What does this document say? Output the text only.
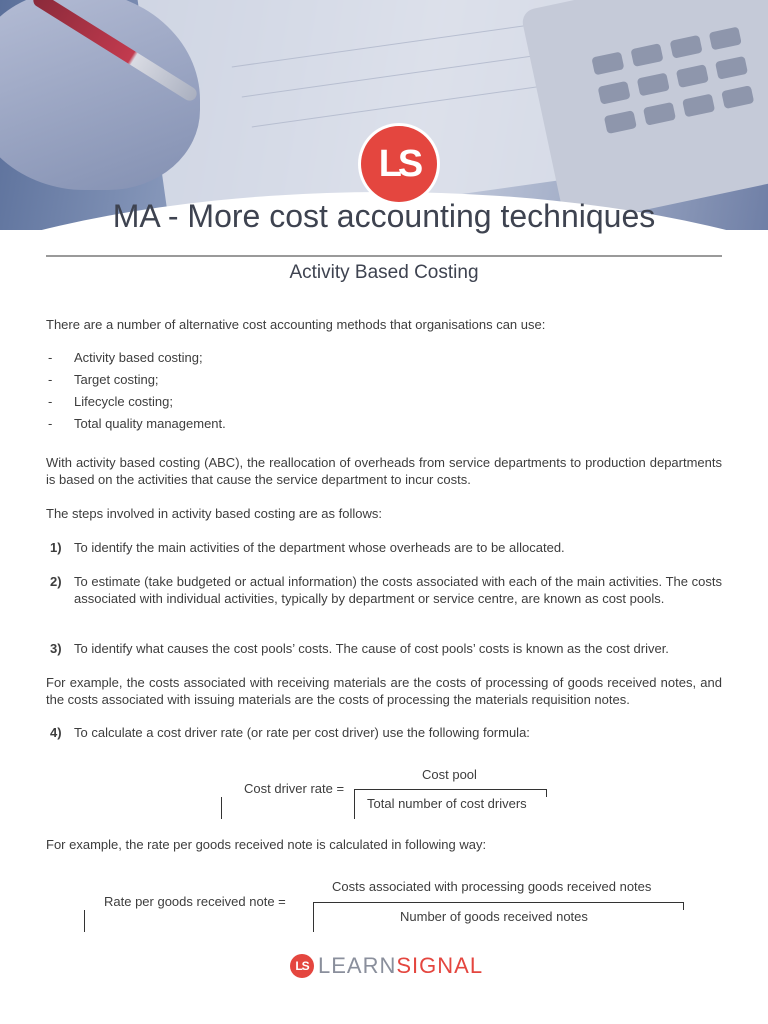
LS
MA - More cost accounting techniques
Activity Based Costing
There are a number of alternative cost accounting methods that organisations can use:
- Activity based costing;
- Target costing;
- Lifecycle costing;
- Total quality management.
With activity based costing (ABC), the reallocation of overheads from service departments to production departments is based on the activities that cause the service department to incur costs.
The steps involved in activity based costing are as follows:
1) To identify the main activities of the department whose overheads are to be allocated.
2) To estimate (take budgeted or actual information) the costs associated with each of the main activities. The costs associated with individual activities, typically by department or service centre, are known as cost pools.
3) To identify what causes the cost pools’ costs. The cause of cost pools’ costs is known as the cost driver.
For example, the costs associated with receiving materials are the costs of processing of goods received notes, and the costs associated with issuing materials are the costs of processing the materials requisition notes.
4) To calculate a cost driver rate (or rate per cost driver) use the following formula:
Cost pool
Cost driver rate =
Total number of cost drivers
For example, the rate per goods received note is calculated in following way:
Costs associated with processing goods received notes
Rate per goods received note =
Number of goods received notes
LS LEARNSIGNAL
